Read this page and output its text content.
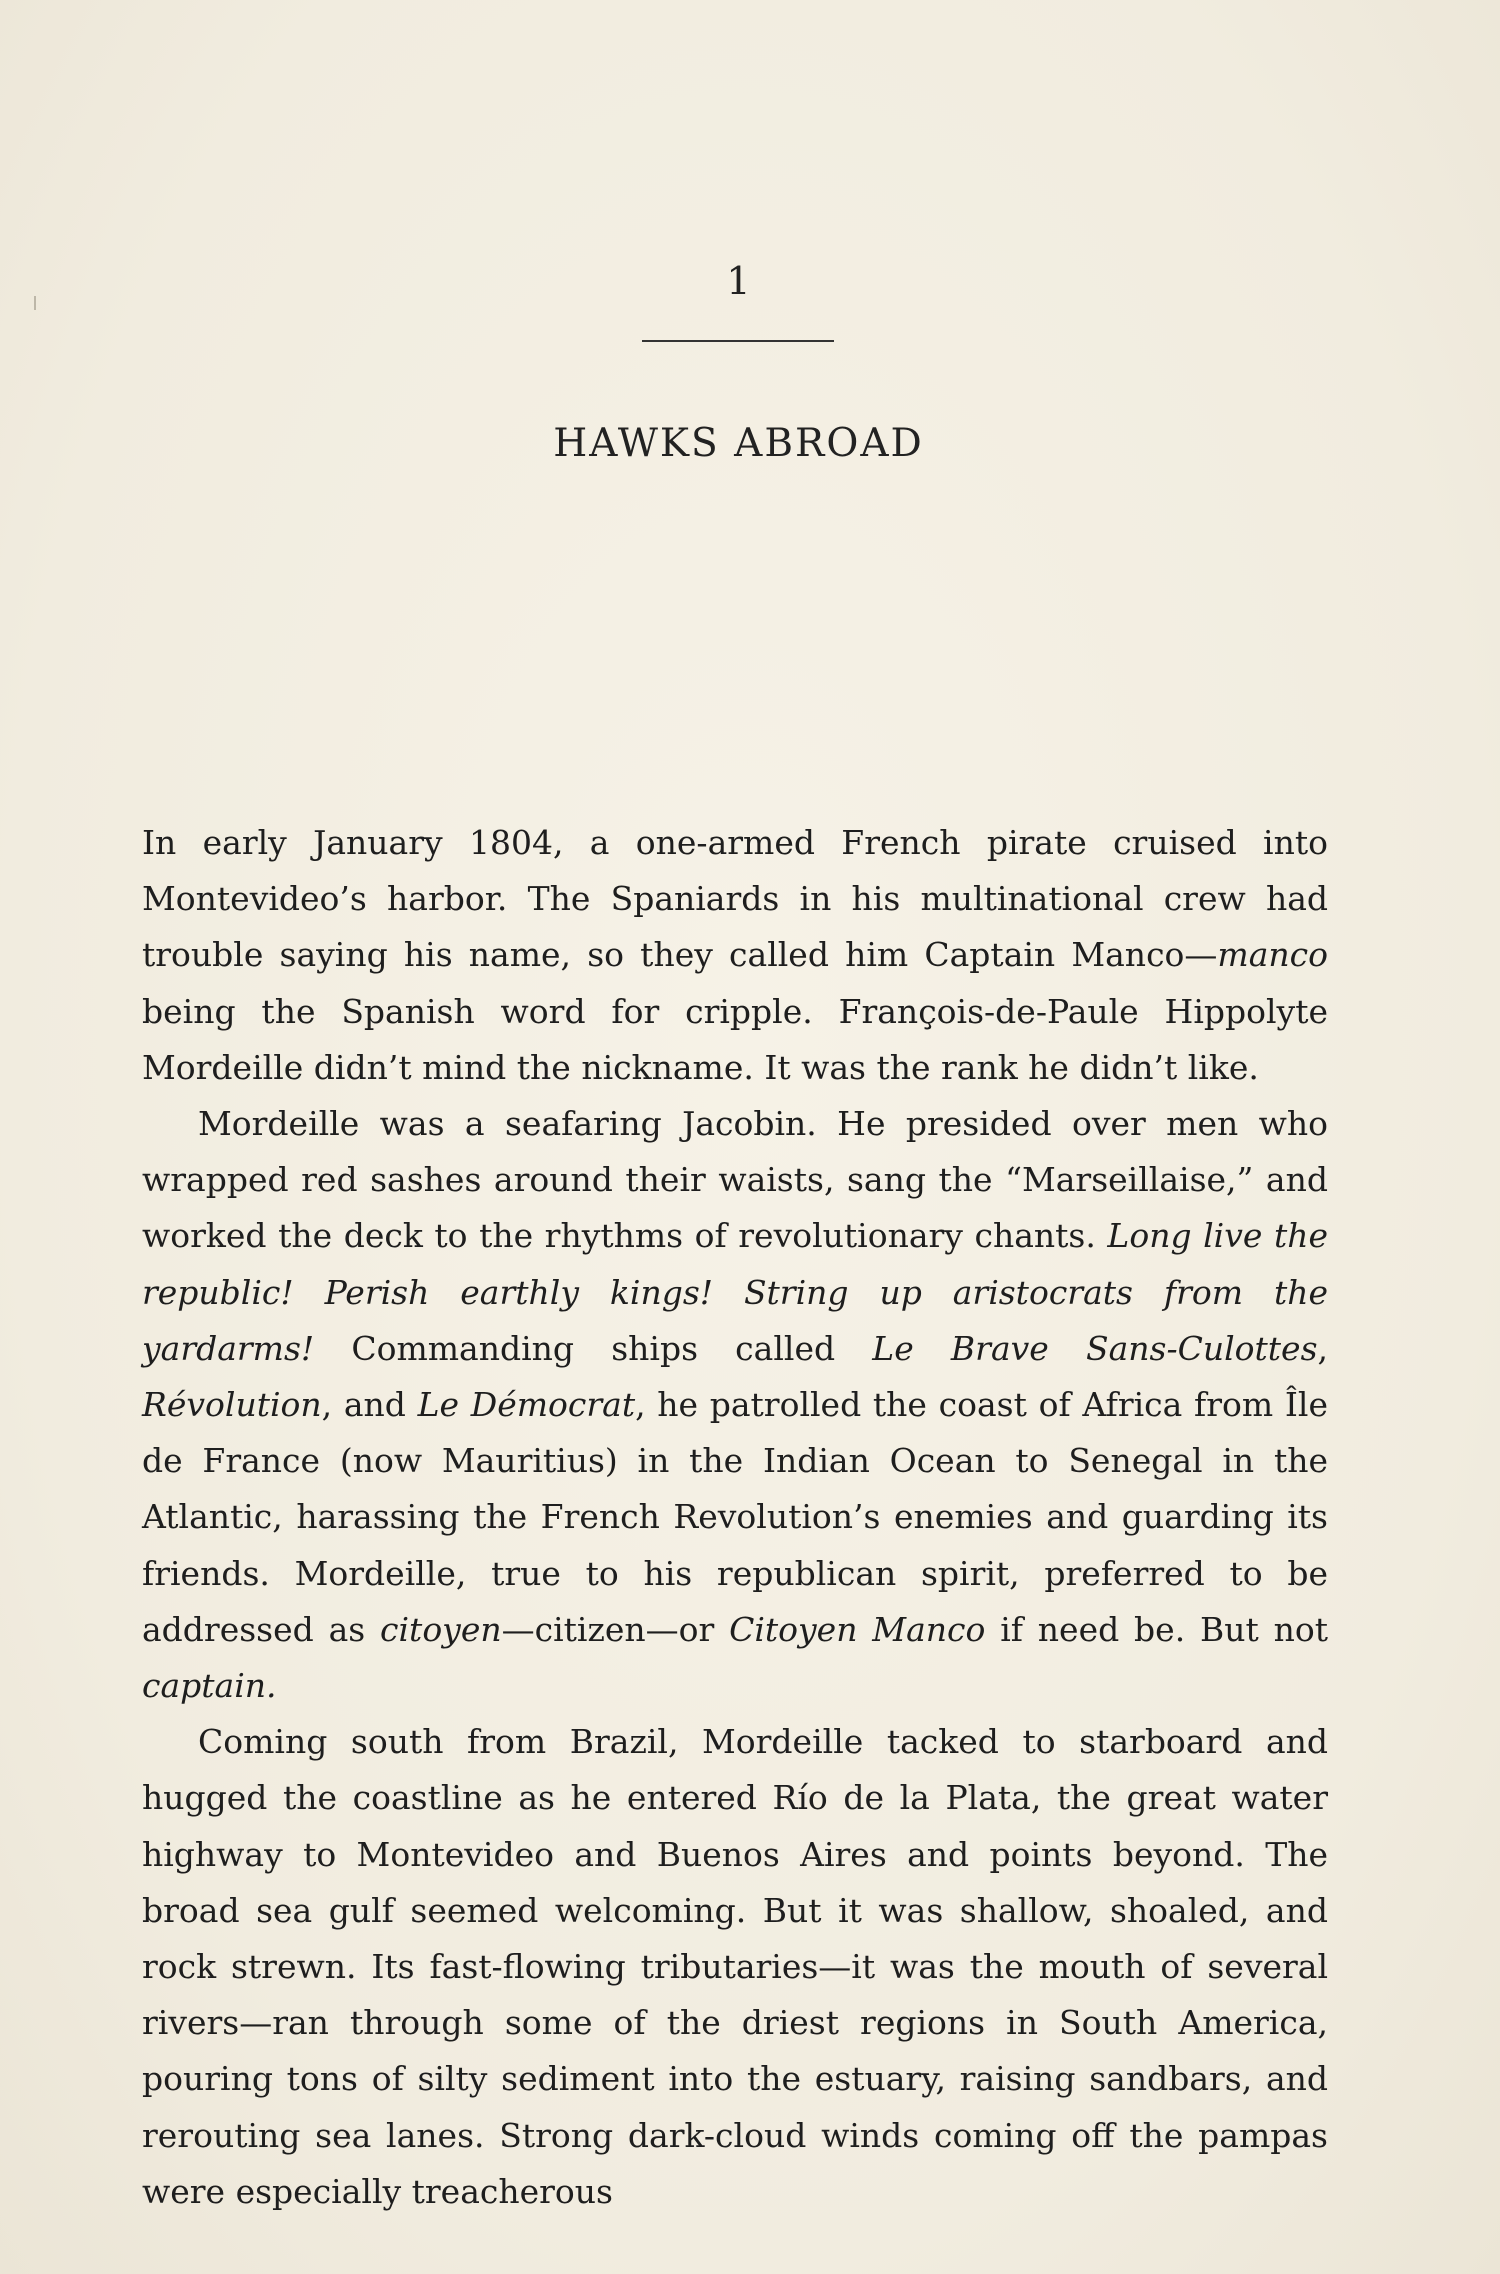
1
HAWKS ABROAD

In early January 1804, a one-armed French pirate cruised into Montevideo’s harbor. The Spaniards in his multinational crew had trouble saying his name, so they called him Captain Manco—manco being the Spanish word for cripple. François-de-Paule Hippolyte Mordeille didn’t mind the nickname. It was the rank he didn’t like.

Mordeille was a seafaring Jacobin. He presided over men who wrapped red sashes around their waists, sang the “Marseillaise,” and worked the deck to the rhythms of revolutionary chants. Long live the republic! Perish earthly kings! String up aristocrats from the yardarms! Commanding ships called Le Brave Sans-Culottes, Révolution, and Le Démocrat, he patrolled the coast of Africa from Île de France (now Mauritius) in the Indian Ocean to Senegal in the Atlantic, harassing the French Revolution’s enemies and guarding its friends. Mordeille, true to his republican spirit, preferred to be addressed as citoyen—citizen—or Citoyen Manco if need be. But not captain.

Coming south from Brazil, Mordeille tacked to starboard and hugged the coastline as he entered Río de la Plata, the great water highway to Montevideo and Buenos Aires and points beyond. The broad sea gulf seemed welcoming. But it was shallow, shoaled, and rock strewn. Its fast-flowing tributaries—it was the mouth of several rivers—ran through some of the driest regions in South America, pouring tons of silty sediment into the estuary, raising sandbars, and rerouting sea lanes. Strong dark-cloud winds coming off the pampas were especially treacherous
